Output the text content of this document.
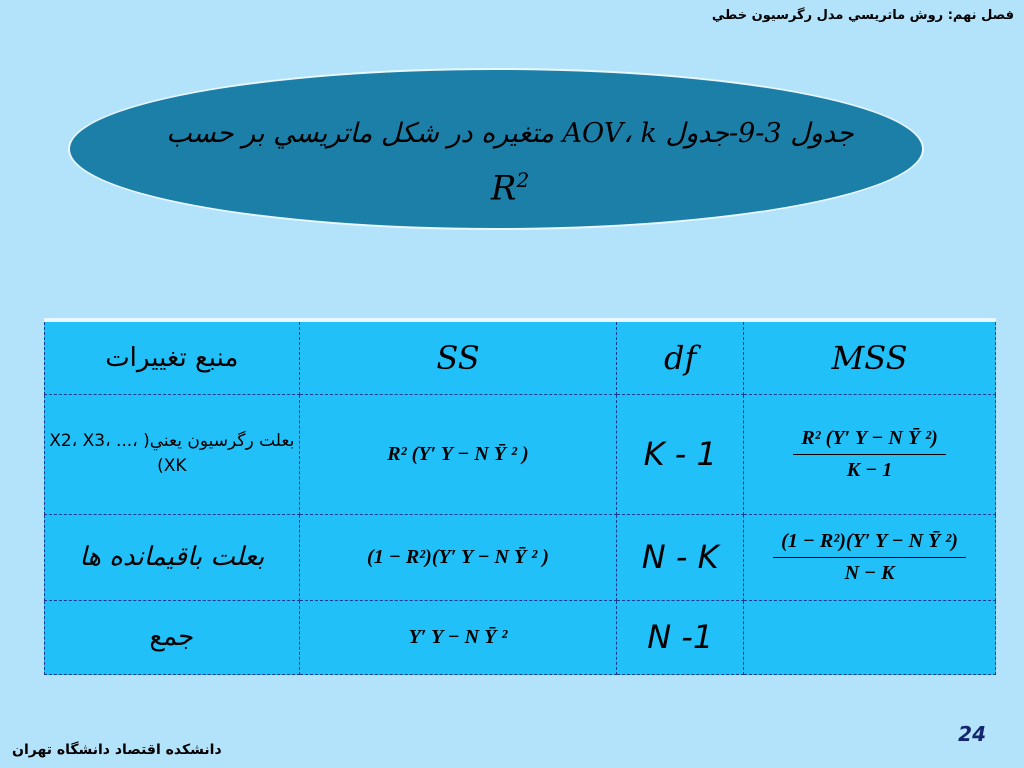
فصل نهم: روش ماتريسي مدل رگرسيون خطي
جدول 3-9-جدول AOV، k متغيره در شكل ماتريسي بر حسب
$R^2$
منبع تغييرات	SS	df	MSS
بعلت رگرسيون يعني( X2، X3، ...، XK)	R² (Y′ Y − N Ȳ ² )	K - 1	$\frac{\text{R² (Y′ Y − N Ȳ ²)}}{K - 1}$

بعلت باقيمانده ها	(1 − R²)(Y′ Y − N Ȳ ² )	N - K	$\frac{\text{(1 − R²)(Y′ Y − N Ȳ ²)}}{N - K}$

جمع	Y′ Y − N Ȳ ²	N -1	
دانشكده اقتصاد دانشگاه تهران
24
